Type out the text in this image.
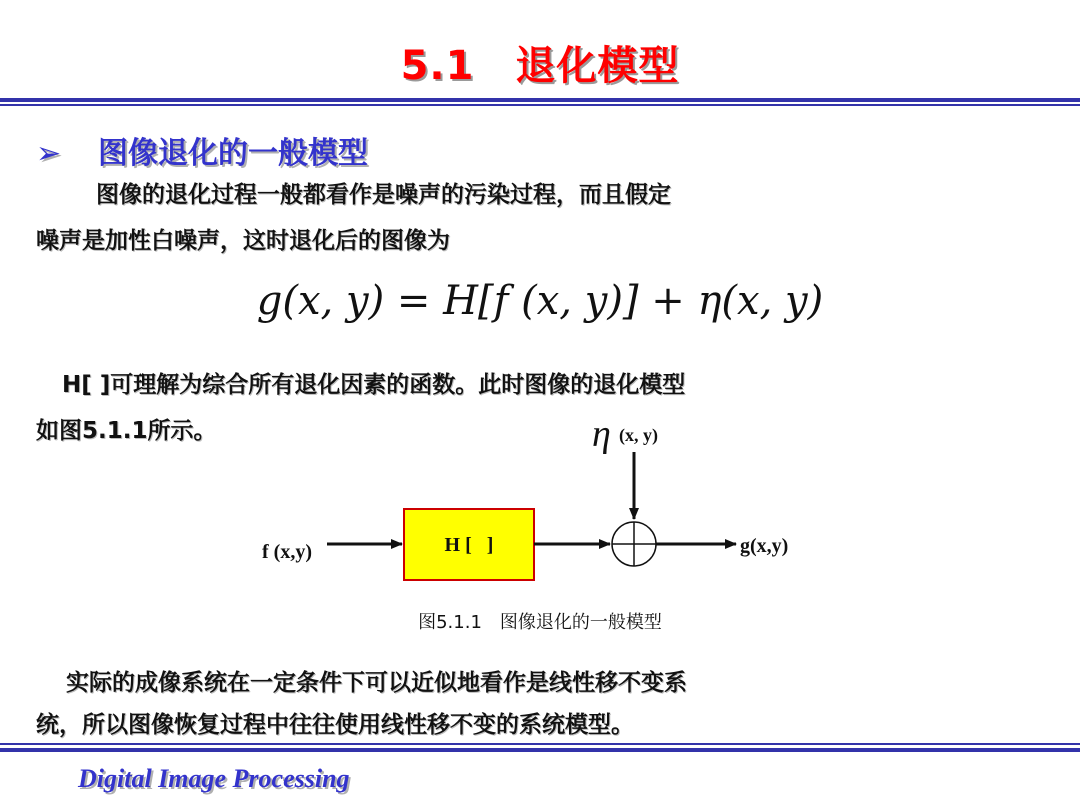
5.1　退化模型
➢ 图像退化的一般模型
图像的退化过程一般都看作是噪声的污染过程，而且假定
噪声是加性白噪声，这时退化后的图像为
g(x, y) = H[f (x, y)] + η(x, y)
H[ ]可理解为综合所有退化因素的函数。此时图像的退化模型
如图5.1.1所示。	η (x, y)
f (x,y)	H [   ]	g(x,y)
图5.1.1　图像退化的一般模型
实际的成像系统在一定条件下可以近似地看作是线性移不变系
统，所以图像恢复过程中往往使用线性移不变的系统模型。
Digital Image Processing
